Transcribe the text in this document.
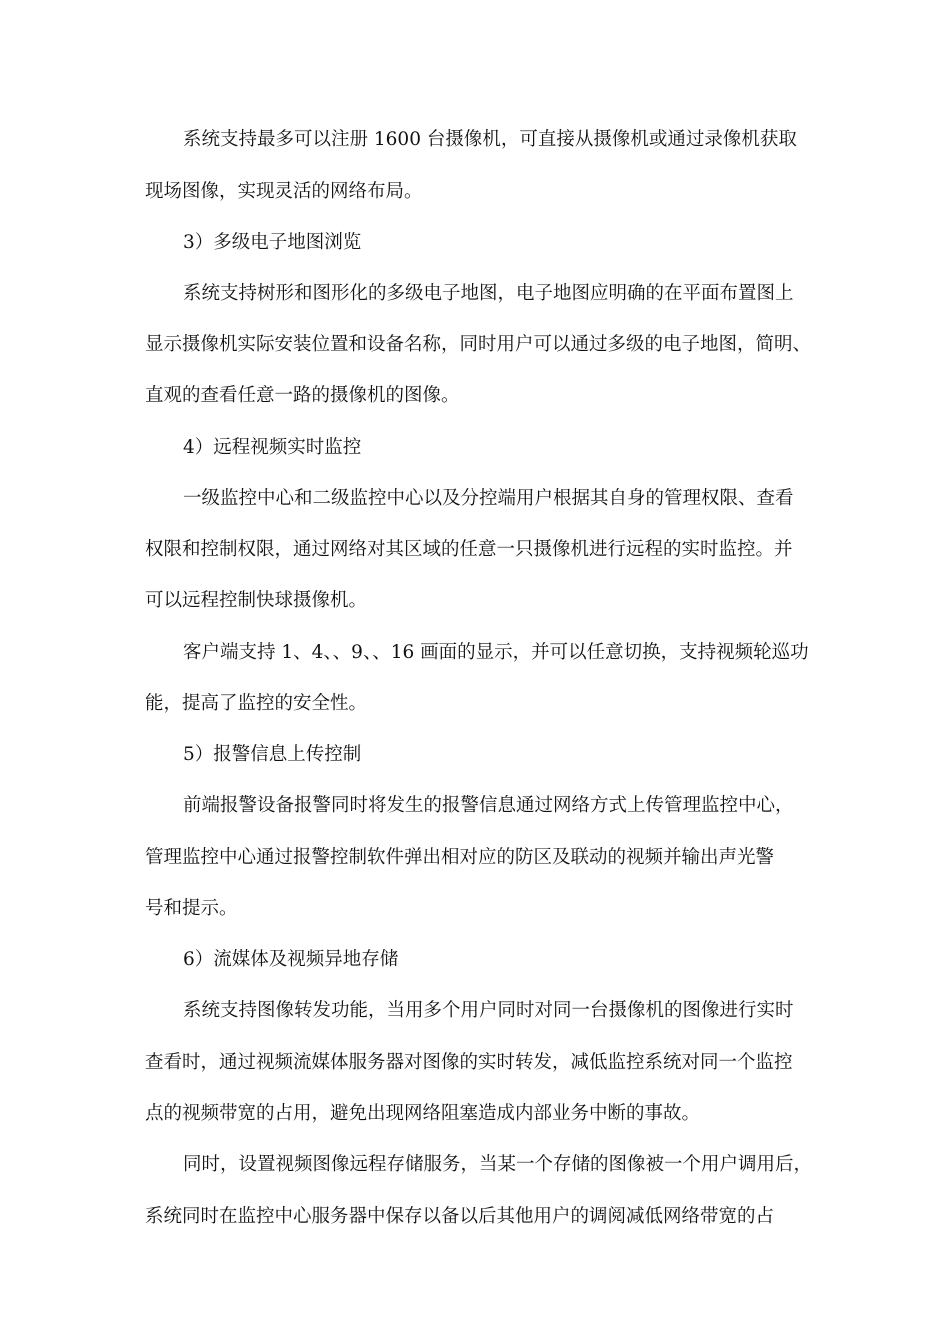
系统支持最多可以注册 1600 台摄像机，可直接从摄像机或通过录像机获取
现场图像，实现灵活的网络布局。
3）多级电子地图浏览
系统支持树形和图形化的多级电子地图，电子地图应明确的在平面布置图上
显示摄像机实际安装位置和设备名称，同时用户可以通过多级的电子地图，简明、
直观的查看任意一路的摄像机的图像。
4）远程视频实时监控
一级监控中心和二级监控中心以及分控端用户根据其自身的管理权限、查看
权限和控制权限，通过网络对其区域的任意一只摄像机进行远程的实时监控。并
可以远程控制快球摄像机。
客户端支持 1、4、、9、、16 画面的显示，并可以任意切换，支持视频轮巡功
能，提高了监控的安全性。
5）报警信息上传控制
前端报警设备报警同时将发生的报警信息通过网络方式上传管理监控中心，
管理监控中心通过报警控制软件弹出相对应的防区及联动的视频并输出声光警
号和提示。
6）流媒体及视频异地存储
系统支持图像转发功能，当用多个用户同时对同一台摄像机的图像进行实时
查看时，通过视频流媒体服务器对图像的实时转发，减低监控系统对同一个监控
点的视频带宽的占用，避免出现网络阻塞造成内部业务中断的事故。
同时，设置视频图像远程存储服务，当某一个存储的图像被一个用户调用后，
系统同时在监控中心服务器中保存以备以后其他用户的调阅减低网络带宽的占
